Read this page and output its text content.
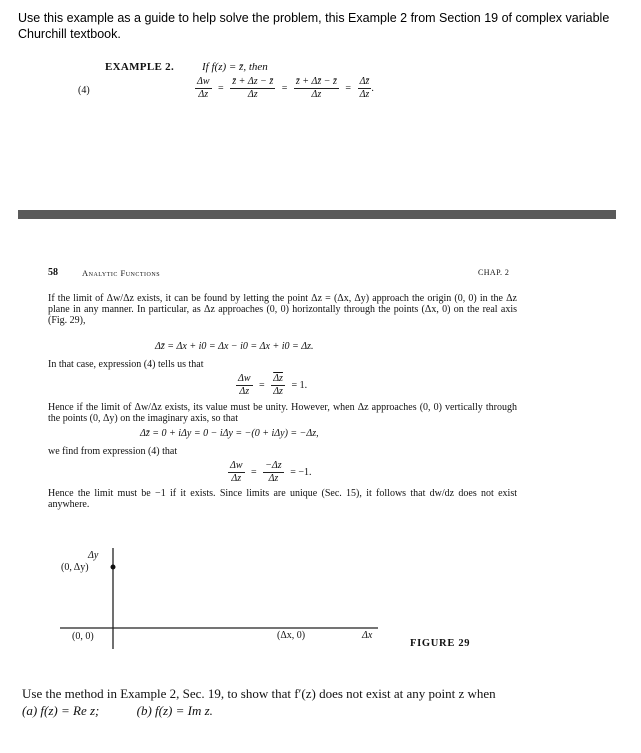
Use this example as a guide to help solve the problem, this Example 2 from Section 19 of complex variable Churchill textbook.
EXAMPLE 2.	If f(z) = z̄, then
(4)	$\frac{\Delta w}{\Delta z} = \frac{z̄ + \Delta z - z̄}{\Delta z} = \frac{z̄ + \Delta z̄ - z̄}{\Delta z} = \frac{\Delta z̄}{\Delta z}$ .
58	Analytic Functions	CHAP. 2
If the limit of Δw/Δz exists, it can be found by letting the point Δz = (Δx, Δy) approach the origin (0, 0) in the Δz plane in any manner. In particular, as Δz approaches (0, 0) horizontally through the points (Δx, 0) on the real axis (Fig. 29),
Δz̄ = Δx + i0 = Δx − i0 = Δx + i0 = Δz.
In that case, expression (4) tells us that
$\frac{\Delta w}{\Delta z} = \frac{\overline{\Delta z}}{\Delta z} = 1$.
Hence if the limit of Δw/Δz exists, its value must be unity. However, when Δz approaches (0, 0) vertically through the points (0, Δy) on the imaginary axis, so that
Δz̄ = 0 + iΔy = 0 − iΔy = −(0 + iΔy) = −Δz,
we find from expression (4) that
$\frac{\Delta w}{\Delta z} = \frac{-\Delta z}{\Delta z} = -1$.
Hence the limit must be −1 if it exists. Since limits are unique (Sec. 15), it follows that dw/dz does not exist anywhere.
Δy
(0, Δy)
(0, 0)	(Δx, 0)	Δx
FIGURE 29
Use the method in Example 2, Sec. 19, to show that f′(z) does not exist at any point z when
(a) f(z) = Re z;	(b) f(z) = Im z.
